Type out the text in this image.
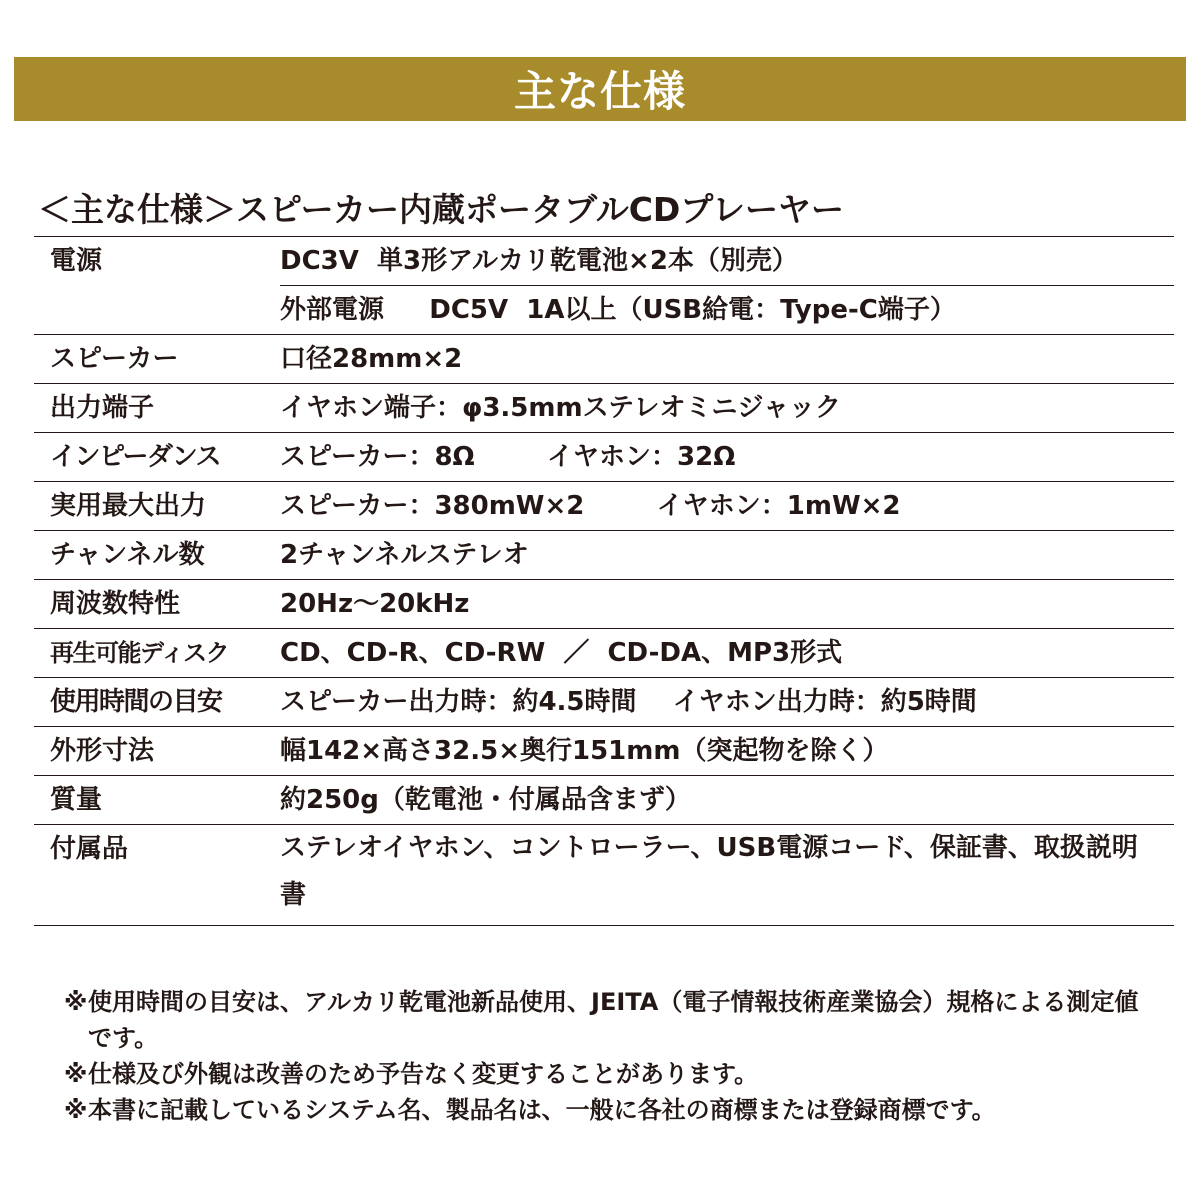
主な仕様
＜主な仕様＞スピーカー内蔵ポータブルCDプレーヤー
電源	DC3V  単3形アルカリ乾電池×2本（別売）
外部電源     DC5V  1A以上（USB給電：Type-C端子）
スピーカー	口径28mm×2
出力端子	イヤホン端子：φ3.5mmステレオミニジャック
インピーダンス	スピーカー：8Ω        イヤホン：32Ω
実用最大出力	スピーカー：380mW×2        イヤホン：1mW×2
チャンネル数	2チャンネルステレオ
周波数特性	20Hz～20kHz
再生可能ディスク	CD、CD-R、CD-RW  ／  CD-DA、MP3形式
使用時間の目安	スピーカー出力時：約4.5時間    イヤホン出力時：約5時間
外形寸法	幅142×高さ32.5×奥行151mm（突起物を除く）
質量	約250g（乾電池・付属品含まず）
付属品	ステレオイヤホン、コントローラー、USB電源コード、保証書、取扱説明書
※ 使用時間の目安は、アルカリ乾電池新品使用、JEITA（電子情報技術産業協会）規格による測定値です。
※ 仕様及び外観は改善のため予告なく変更することがあります。
※ 本書に記載しているシステム名、製品名は、一般に各社の商標または登録商標です。
